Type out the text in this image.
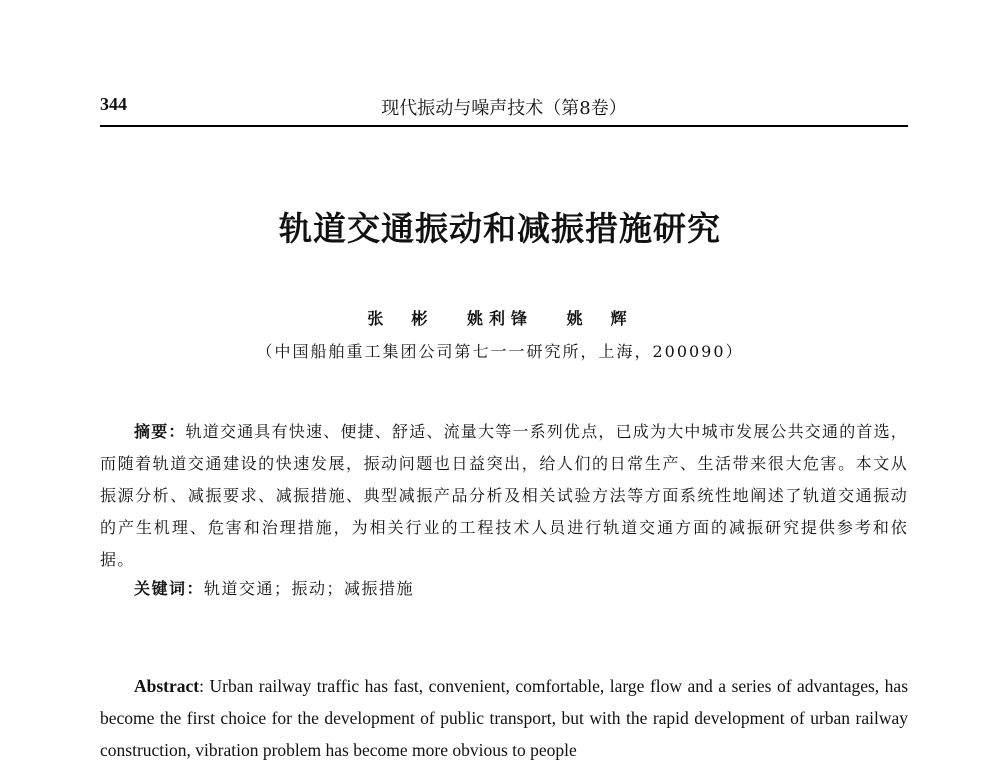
344	现代振动与噪声技术（第8卷）
轨道交通振动和减振措施研究
张　彬 姚利锋 姚　辉
（中国船舶重工集团公司第七一一研究所，上海，200090）

摘要：轨道交通具有快速、便捷、舒适、流量大等一系列优点，已成为大中城市发展公共交通的首选，而随着轨道交通建设的快速发展，振动问题也日益突出，给人们的日常生产、生活带来很大危害。本文从振源分析、减振要求、减振措施、典型减振产品分析及相关试验方法等方面系统性地阐述了轨道交通振动的产生机理、危害和治理措施，为相关行业的工程技术人员进行轨道交通方面的减振研究提供参考和依据。

关键词：轨道交通；振动；减振措施

Abstract: Urban railway traffic has fast, convenient, comfortable, large flow and a series of advantages, has become the first choice for the development of public transport, but with the rapid development of urban railway construction, vibration problem has become more obvious to people
